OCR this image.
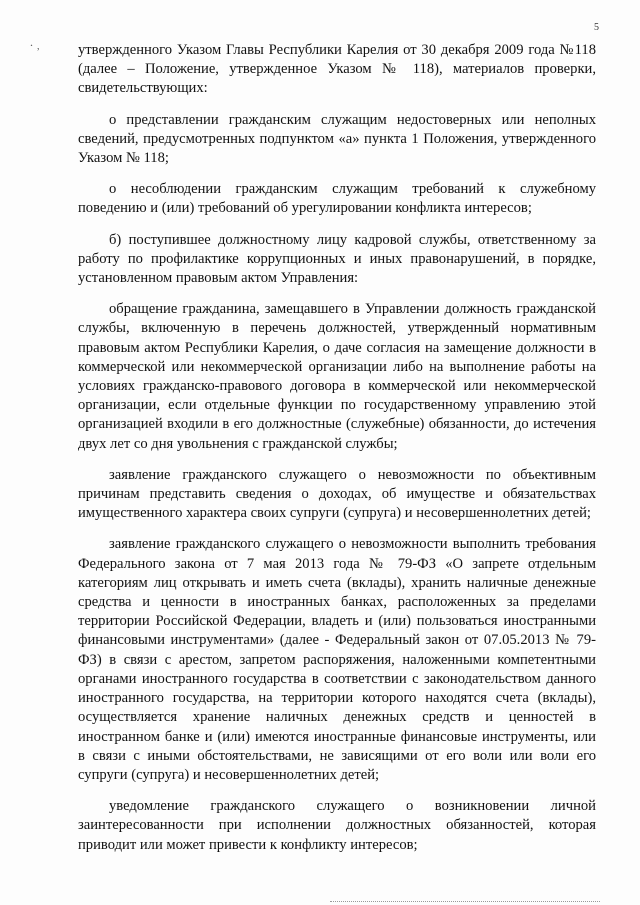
5
. ,	утвержденного Указом Главы Республики Карелия от 30 декабря 2009 года №118 (далее – Положение, утвержденное Указом № 118), материалов проверки, свидетельствующих:

о представлении гражданским служащим недостоверных или неполных сведений, предусмотренных подпунктом «а» пункта 1 Положения, утвержденного Указом № 118;

о несоблюдении гражданским служащим требований к служебному поведению и (или) требований об урегулировании конфликта интересов;

б) поступившее должностному лицу кадровой службы, ответственному за работу по профилактике коррупционных и иных правонарушений, в порядке, установленном правовым актом Управления:

обращение гражданина, замещавшего в Управлении должность гражданской службы, включенную в перечень должностей, утвержденный нормативным правовым актом Республики Карелия, о даче согласия на замещение должности в коммерческой или некоммерческой организации либо на выполнение работы на условиях гражданско-правового договора в коммерческой или некоммерческой организации, если отдельные функции по государственному управлению этой организацией входили в его должностные (служебные) обязанности, до истечения двух лет со дня увольнения с гражданской службы;

заявление гражданского служащего о невозможности по объективным причинам представить сведения о доходах, об имуществе и обязательствах имущественного характера своих супруги (супруга) и несовершеннолетних детей;

заявление гражданского служащего о невозможности выполнить требования Федерального закона от 7 мая 2013 года № 79-ФЗ «О запрете отдельным категориям лиц открывать и иметь счета (вклады), хранить наличные денежные средства и ценности в иностранных банках, расположенных за пределами территории Российской Федерации, владеть и (или) пользоваться иностранными финансовыми инструментами» (далее - Федеральный закон от 07.05.2013 № 79-ФЗ) в связи с арестом, запретом распоряжения, наложенными компетентными органами иностранного государства в соответствии с законодательством данного иностранного государства, на территории которого находятся счета (вклады), осуществляется хранение наличных денежных средств и ценностей в иностранном банке и (или) имеются иностранные финансовые инструменты, или в связи с иными обстоятельствами, не зависящими от его воли или воли его супруги (супруга) и несовершеннолетних детей;

уведомление гражданского служащего о возникновении личной заинтересованности при исполнении должностных обязанностей, которая приводит или может привести к конфликту интересов;
